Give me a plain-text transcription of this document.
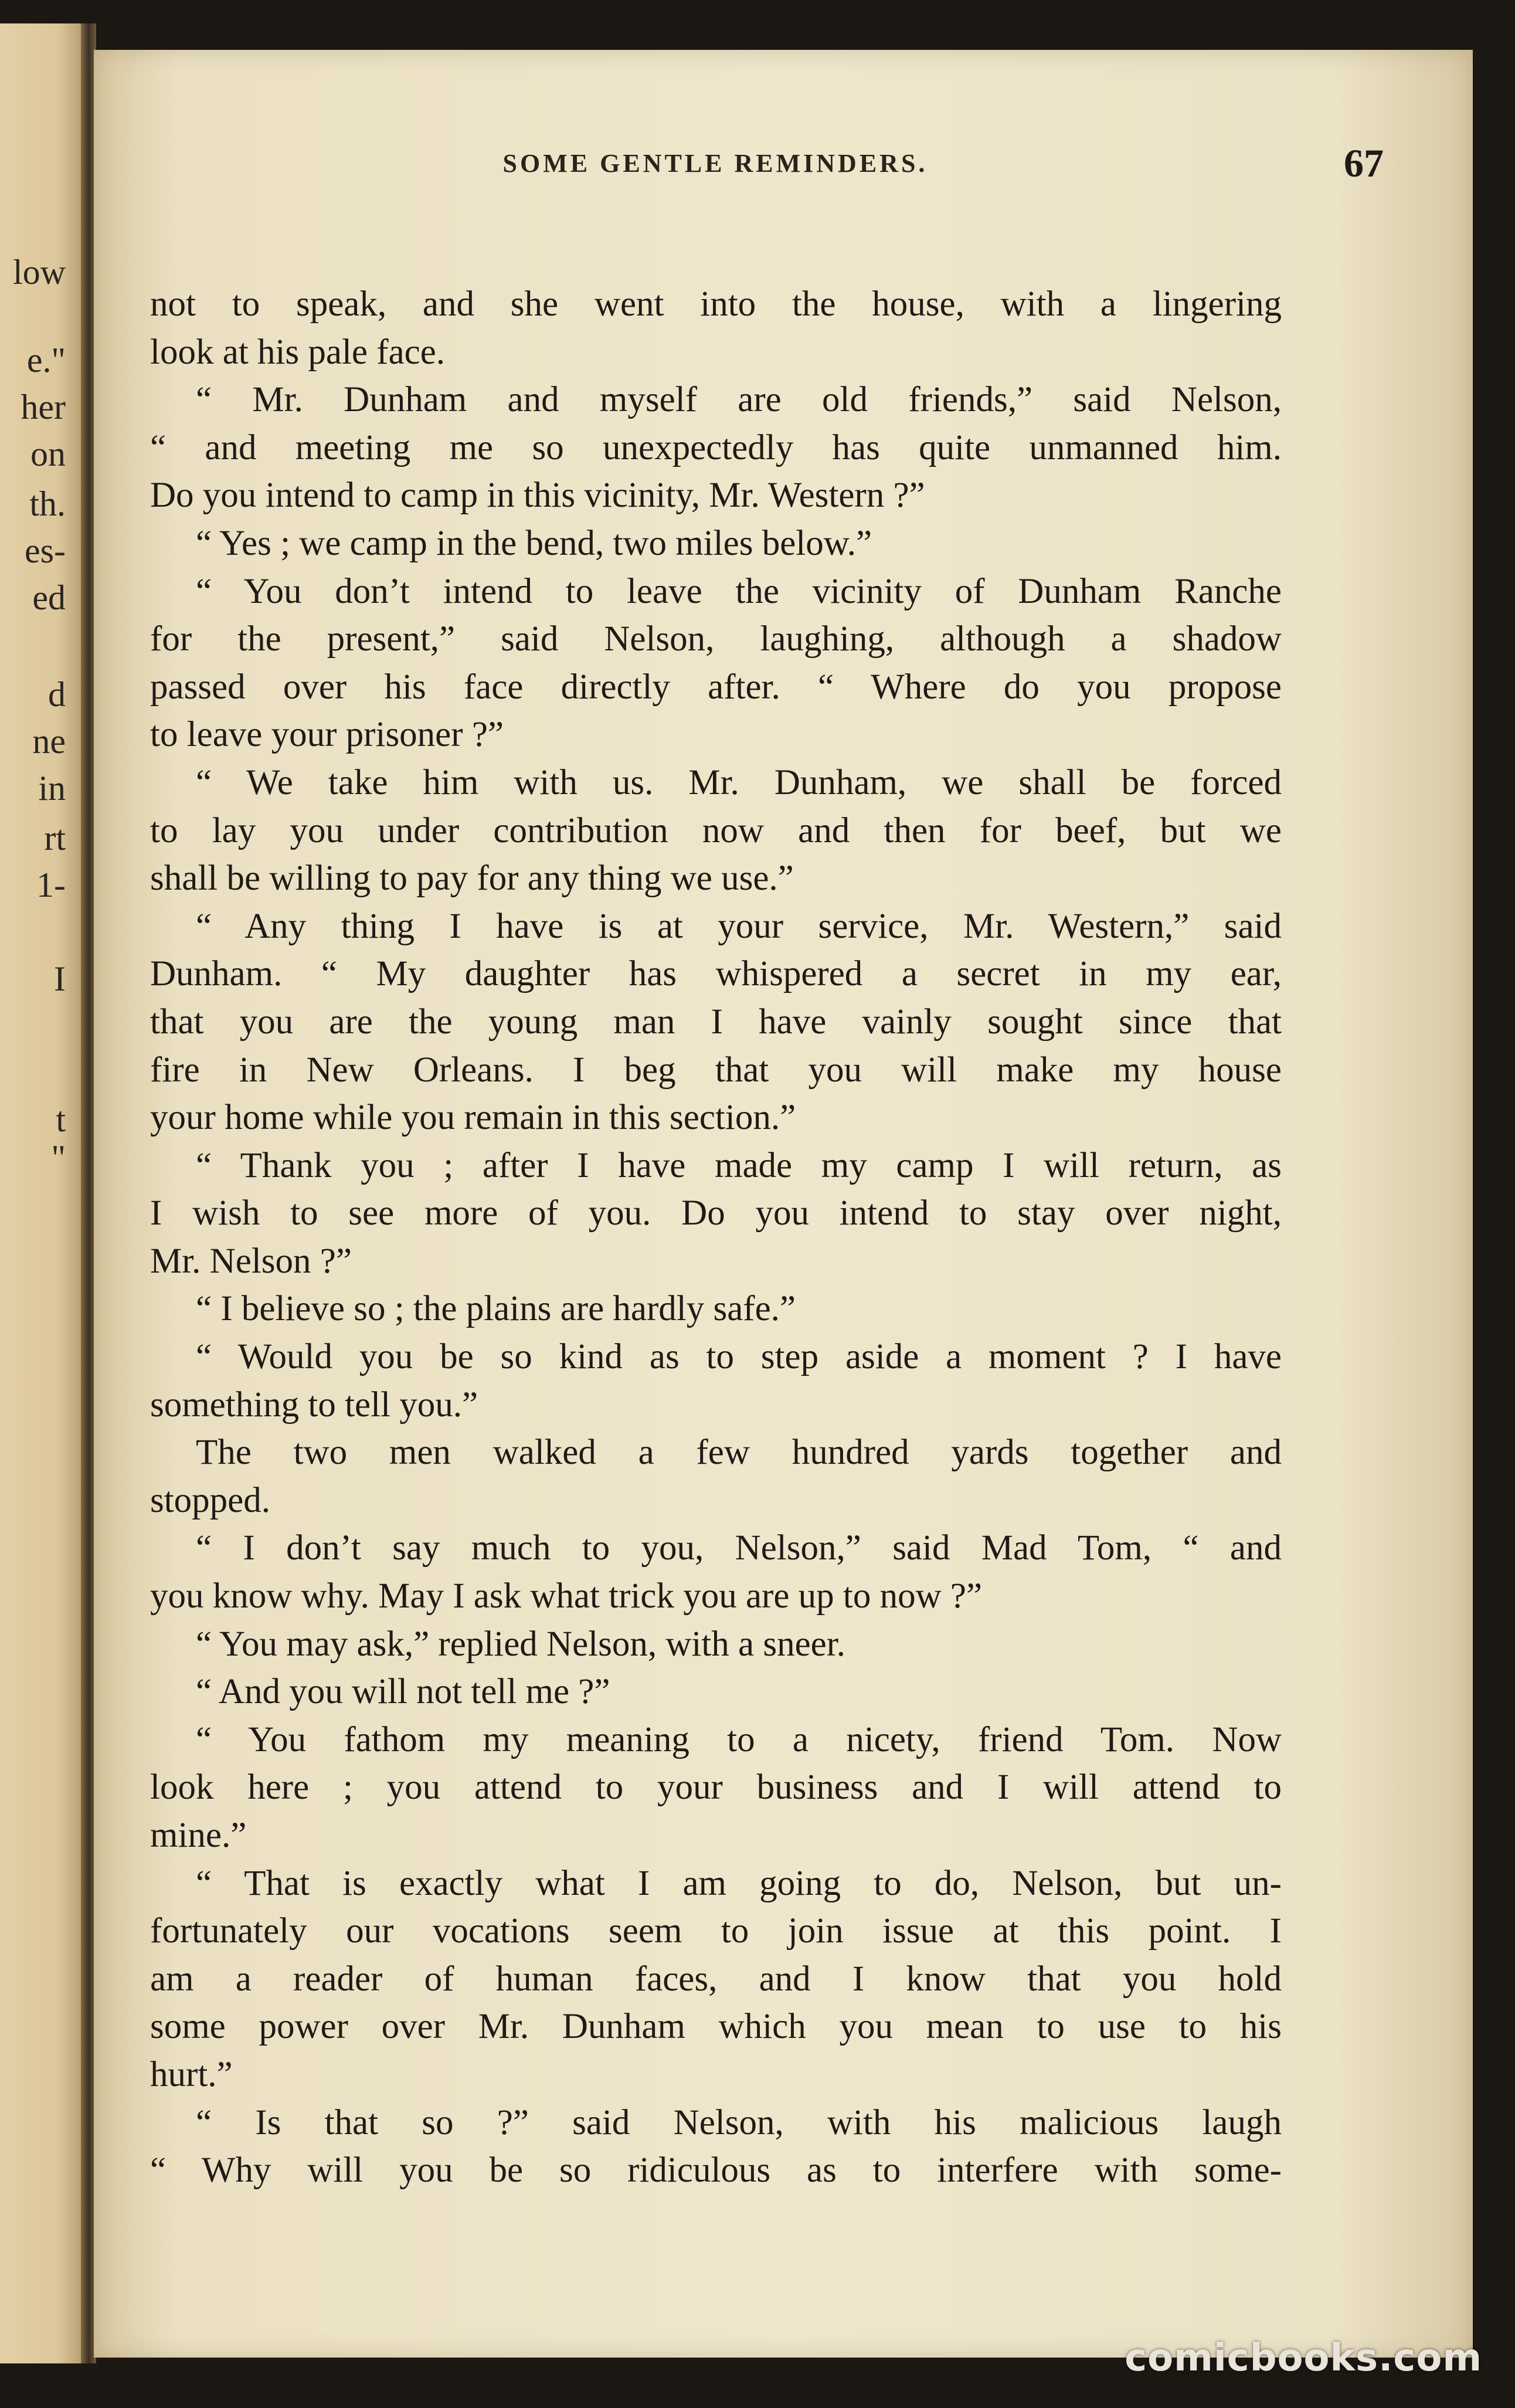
low
e."
her
on
th.
es-
ed
d
ne
in
rt
1-
I
t
"
SOME GENTLE REMINDERS.	67
not to speak, and she went into the house, with a lingering
look at his pale face.
“ Mr. Dunham and myself are old friends,” said Nelson,
“ and meeting me so unexpectedly has quite unmanned him.
Do you intend to camp in this vicinity, Mr. Western ?”
“ Yes ; we camp in the bend, two miles below.”
“ You don’t intend to leave the vicinity of Dunham Ranche
for the present,” said Nelson, laughing, although a shadow
passed over his face directly after. “ Where do you propose
to leave your prisoner ?”
“ We take him with us. Mr. Dunham, we shall be forced
to lay you under contribution now and then for beef, but we
shall be willing to pay for any thing we use.”
“ Any thing I have is at your service, Mr. Western,” said
Dunham. “ My daughter has whispered a secret in my ear,
that you are the young man I have vainly sought since that
fire in New Orleans. I beg that you will make my house
your home while you remain in this section.”
“ Thank you ; after I have made my camp I will return, as
I wish to see more of you. Do you intend to stay over night,
Mr. Nelson ?”
“ I believe so ; the plains are hardly safe.”
“ Would you be so kind as to step aside a moment ? I have
something to tell you.”
The two men walked a few hundred yards together and
stopped.
“ I don’t say much to you, Nelson,” said Mad Tom, “ and
you know why. May I ask what trick you are up to now ?”
“ You may ask,” replied Nelson, with a sneer.
“ And you will not tell me ?”
“ You fathom my meaning to a nicety, friend Tom. Now
look here ; you attend to your business and I will attend to
mine.”
“ That is exactly what I am going to do, Nelson, but un-
fortunately our vocations seem to join issue at this point. I
am a reader of human faces, and I know that you hold
some power over Mr. Dunham which you mean to use to his
hurt.”
“ Is that so ?” said Nelson, with his malicious laugh
“ Why will you be so ridiculous as to interfere with some-
comicbooks.com
